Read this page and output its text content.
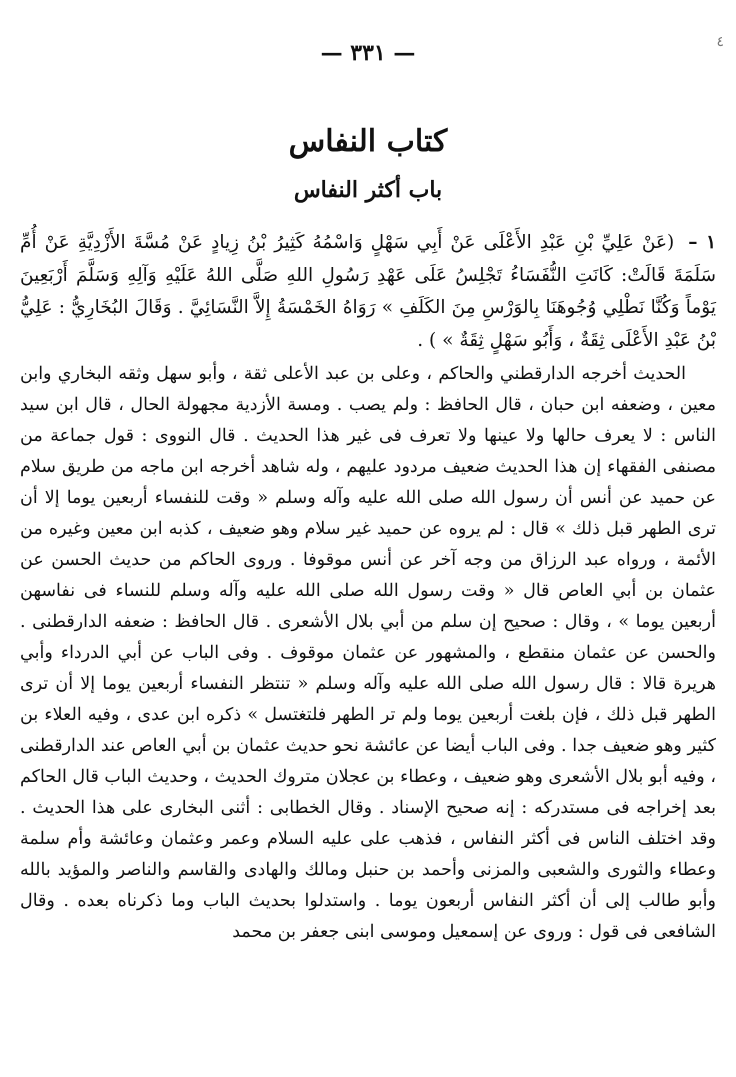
٤
— ٣٣١ —
كتاب النفاس
باب أكثر النفاس
١ – (عَنْ عَلِيِّ بْنِ عَبْدِ الأَعْلَى عَنْ أَبِي سَهْلٍ وَاسْمُهُ كَثِيرُ بْنُ زِيادٍ عَنْ مُسَّةَ الأَزْدِيَّةِ عَنْ أُمِّ سَلَمَةَ قَالَتْ: كَانَتِ النُّفَسَاءُ تَجْلِسُ عَلَى عَهْدِ رَسُولِ اللهِ صَلَّى اللهُ عَلَيْهِ وَآلِهِ وَسَلَّمَ أَرْبَعِينَ يَوْماً وَكُنَّا نَطْلِي وُجُوهَنَا بِالوَرْسِ مِنَ الكَلَفِ » رَوَاهُ الخَمْسَةُ إِلاَّ النَّسَائِيَّ . وَقَالَ البُخَارِيُّ : عَلِيُّ بْنُ عَبْدِ الأَعْلَى ثِقَةٌ ، وَأَبُو سَهْلٍ ثِقَةٌ » ) .
الحديث أخرجه الدارقطني والحاكم ، وعلى بن عبد الأعلى ثقة ، وأبو سهل وثقه البخاري وابن معين ، وضعفه ابن حبان ، قال الحافظ : ولم يصب . ومسة الأزدية مجهولة الحال ، قال ابن سيد الناس : لا يعرف حالها ولا عينها ولا تعرف فى غير هذا الحديث . قال النووى : قول جماعة من مصنفى الفقهاء إن هذا الحديث ضعيف مردود عليهم ، وله شاهد أخرجه ابن ماجه من طريق سلام عن حميد عن أنس أن رسول الله صلى الله عليه وآله وسلم « وقت للنفساء أربعين يوما إلا أن ترى الطهر قبل ذلك » قال : لم يروه عن حميد غير سلام وهو ضعيف ، كذبه ابن معين وغيره من الأئمة ، ورواه عبد الرزاق من وجه آخر عن أنس موقوفا . وروى الحاكم من حديث الحسن عن عثمان بن أبي العاص قال « وقت رسول الله صلى الله عليه وآله وسلم للنساء فى نفاسهن أربعين يوما » ، وقال : صحيح إن سلم من أبي بلال الأشعرى . قال الحافظ : ضعفه الدارقطنى . والحسن عن عثمان منقطع ، والمشهور عن عثمان موقوف . وفى الباب عن أبي الدرداء وأبي هريرة قالا : قال رسول الله صلى الله عليه وآله وسلم « تنتظر النفساء أربعين يوما إلا أن ترى الطهر قبل ذلك ، فإن بلغت أربعين يوما ولم تر الطهر فلتغتسل » ذكره ابن عدى ، وفيه العلاء بن كثير وهو ضعيف جدا . وفى الباب أيضا عن عائشة نحو حديث عثمان بن أبي العاص عند الدارقطنى ، وفيه أبو بلال الأشعرى وهو ضعيف ، وعطاء بن عجلان متروك الحديث ، وحديث الباب قال الحاكم بعد إخراجه فى مستدركه : إنه صحيح الإسناد . وقال الخطابى : أثنى البخارى على هذا الحديث . وقد اختلف الناس فى أكثر النفاس ، فذهب على عليه السلام وعمر وعثمان وعائشة وأم سلمة وعطاء والثورى والشعبى والمزنى وأحمد بن حنبل ومالك والهادى والقاسم والناصر والمؤيد بالله وأبو طالب إلى أن أكثر النفاس أربعون يوما . واستدلوا بحديث الباب وما ذكرناه بعده . وقال الشافعى فى قول : وروى عن إسمعيل وموسى ابنى جعفر بن محمد
